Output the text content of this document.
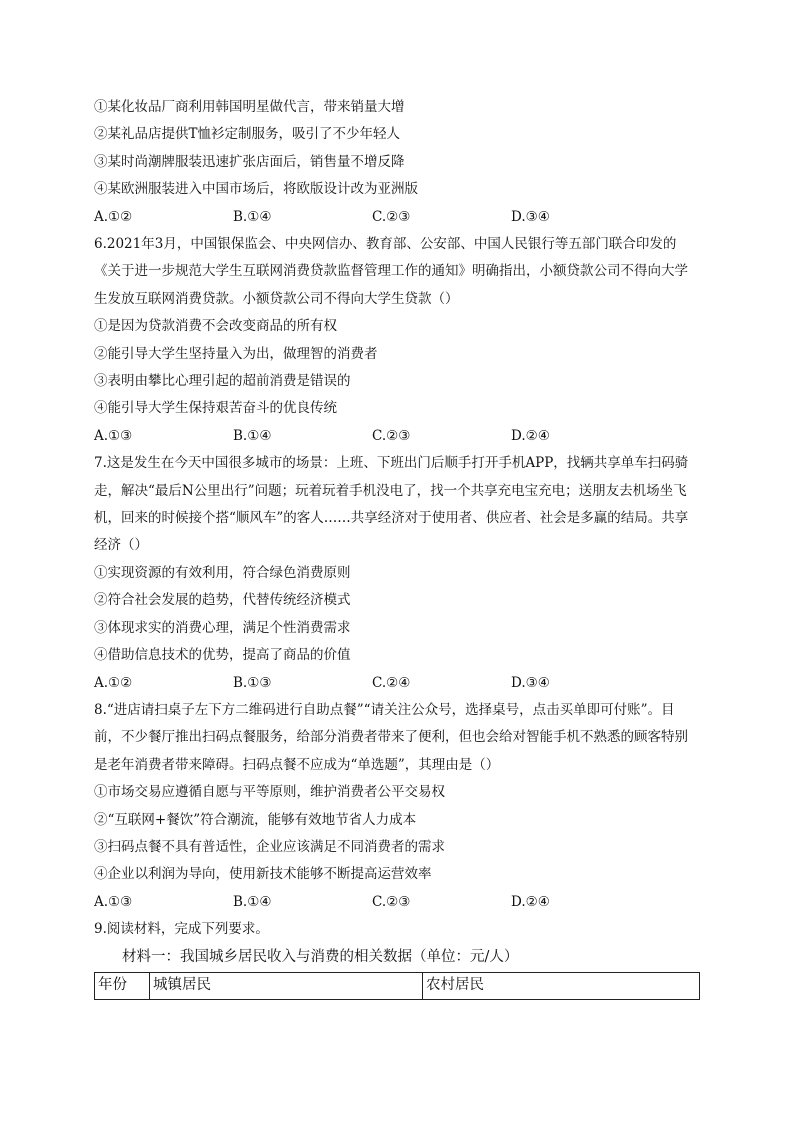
①某化妆品厂商利用韩国明星做代言，带来销量大增
②某礼品店提供T恤衫定制服务，吸引了不少年轻人
③某时尚潮牌服装迅速扩张店面后，销售量不增反降
④某欧洲服装进入中国市场后，将欧版设计改为亚洲版
A.①②	B.①④	C.②③	D.③④
6.2021年3月，中国银保监会、中央网信办、教育部、公安部、中国人民银行等五部门联合印发的《关于进一步规范大学生互联网消费贷款监督管理工作的通知》明确指出，小额贷款公司不得向大学生发放互联网消费贷款。小额贷款公司不得向大学生贷款（）
①是因为贷款消费不会改变商品的所有权
②能引导大学生坚持量入为出，做理智的消费者
③表明由攀比心理引起的超前消费是错误的
④能引导大学生保持艰苦奋斗的优良传统
A.①③	B.①④	C.②③	D.②④
7.这是发生在今天中国很多城市的场景：上班、下班出门后顺手打开手机APP，找辆共享单车扫码骑走，解决“最后N公里出行”问题；玩着玩着手机没电了，找一个共享充电宝充电；送朋友去机场坐飞机，回来的时候接个搭“顺风车”的客人……共享经济对于使用者、供应者、社会是多赢的结局。共享经济（）
①实现资源的有效利用，符合绿色消费原则
②符合社会发展的趋势，代替传统经济模式
③体现求实的消费心理，满足个性消费需求
④借助信息技术的优势，提高了商品的价值
A.①②	B.①③	C.②④	D.③④
8.“进店请扫桌子左下方二维码进行自助点餐”“请关注公众号，选择桌号，点击买单即可付账”。目前，不少餐厅推出扫码点餐服务，给部分消费者带来了便利，但也会给对智能手机不熟悉的顾客特别是老年消费者带来障碍。扫码点餐不应成为“单选题”，其理由是（）
①市场交易应遵循自愿与平等原则，维护消费者公平交易权
②“互联网+餐饮”符合潮流，能够有效地节省人力成本
③扫码点餐不具有普适性，企业应该满足不同消费者的需求
④企业以利润为导向，使用新技术能够不断提高运营效率
A.①③	B.①④	C.②③	D.②④
9.阅读材料，完成下列要求。
材料一：我国城乡居民收入与消费的相关数据（单位：元/人）
年份	城镇居民	农村居民
